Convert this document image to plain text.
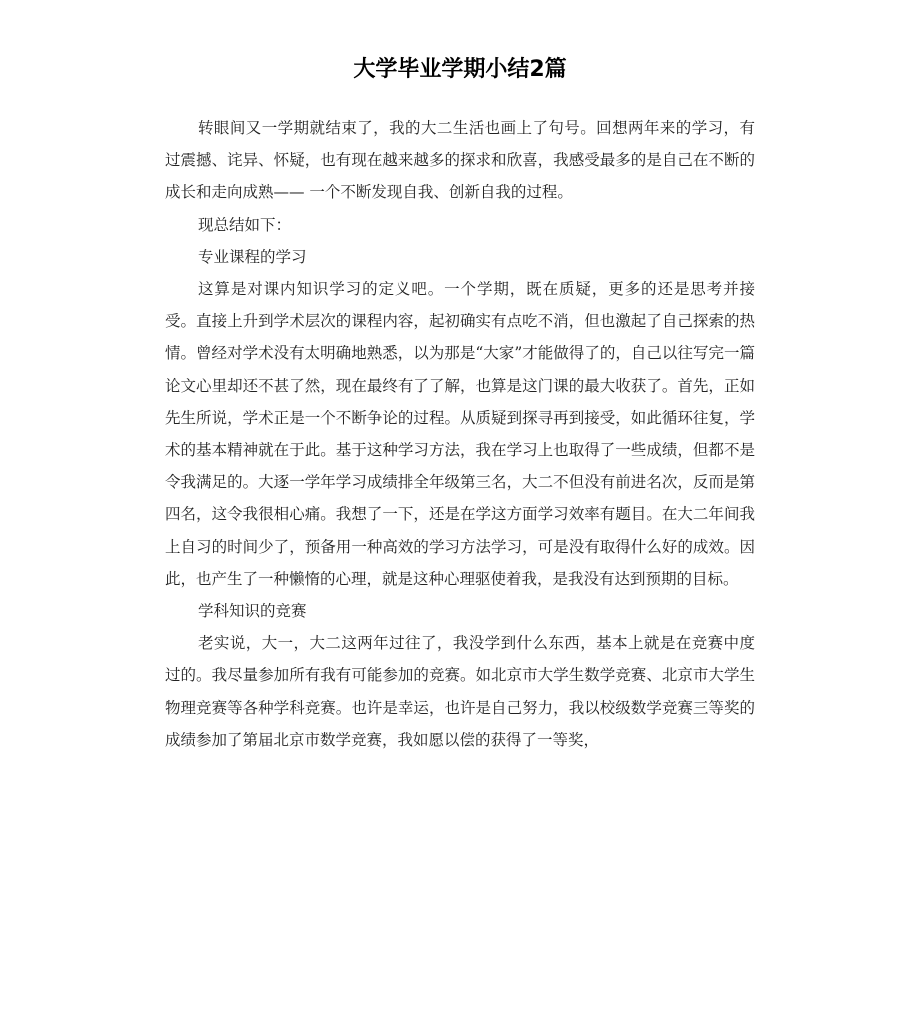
大学毕业学期小结2篇

转眼间又一学期就结束了，我的大二生活也画上了句号。回想两年来的学习，有过震撼、诧异、怀疑，也有现在越来越多的探求和欣喜，我感受最多的是自己在不断的成长和走向成熟—— 一个不断发现自我、创新自我的过程。

现总结如下：

专业课程的学习

这算是对课内知识学习的定义吧。一个学期，既在质疑，更多的还是思考并接受。直接上升到学术层次的课程内容，起初确实有点吃不消，但也激起了自己探索的热情。曾经对学术没有太明确地熟悉，以为那是“大家”才能做得了的，自己以往写完一篇论文心里却还不甚了然，现在最终有了了解，也算是这门课的最大收获了。首先，正如先生所说，学术正是一个不断争论的过程。从质疑到探寻再到接受，如此循环往复，学术的基本精神就在于此。基于这种学习方法，我在学习上也取得了一些成绩，但都不是令我满足的。大逐一学年学习成绩排全年级第三名，大二不但没有前进名次，反而是第四名，这令我很相心痛。我想了一下，还是在学这方面学习效率有题目。在大二年间我上自习的时间少了，预备用一种高效的学习方法学习，可是没有取得什么好的成效。因此，也产生了一种懒惰的心理，就是这种心理驱使着我，是我没有达到预期的目标。

学科知识的竞赛

老实说，大一，大二这两年过往了，我没学到什么东西，基本上就是在竞赛中度过的。我尽量参加所有我有可能参加的竞赛。如北京市大学生数学竞赛、北京市大学生物理竞赛等各种学科竞赛。也许是幸运，也许是自己努力，我以校级数学竞赛三等奖的成绩参加了第届北京市数学竞赛，我如愿以偿的获得了一等奖，
